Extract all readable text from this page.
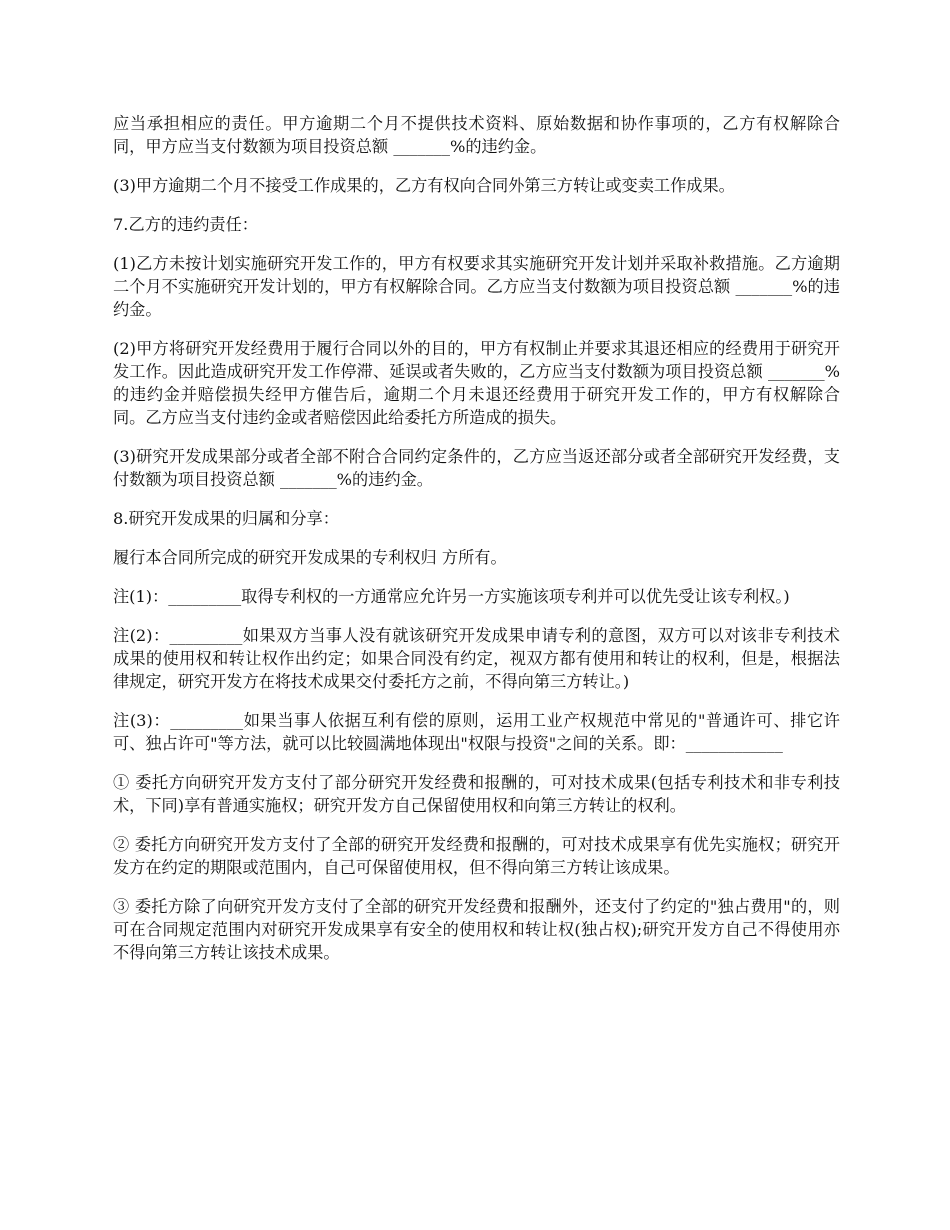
应当承担相应的责任。甲方逾期二个月不提供技术资料、原始数据和协作事项的，乙方有权解除合同，甲方应当支付数额为项目投资总额 _______%的违约金。

(3)甲方逾期二个月不接受工作成果的，乙方有权向合同外第三方转让或变卖工作成果。

7.乙方的违约责任：

(1)乙方未按计划实施研究开发工作的，甲方有权要求其实施研究开发计划并采取补救措施。乙方逾期二个月不实施研究开发计划的，甲方有权解除合同。乙方应当支付数额为项目投资总额 _______%的违约金。

(2)甲方将研究开发经费用于履行合同以外的目的，甲方有权制止并要求其退还相应的经费用于研究开发工作。因此造成研究开发工作停滞、延误或者失败的，乙方应当支付数额为项目投资总额 _______%的违约金并赔偿损失经甲方催告后，逾期二个月未退还经费用于研究开发工作的，甲方有权解除合同。乙方应当支付违约金或者赔偿因此给委托方所造成的损失。

(3)研究开发成果部分或者全部不附合合同约定条件的，乙方应当返还部分或者全部研究开发经费，支付数额为项目投资总额 _______%的违约金。

8.研究开发成果的归属和分享：

履行本合同所完成的研究开发成果的专利权归 方所有。

注(1)：_________取得专利权的一方通常应允许另一方实施该项专利并可以优先受让该专利权。)

注(2)：_________如果双方当事人没有就该研究开发成果申请专利的意图，双方可以对该非专利技术成果的使用权和转让权作出约定；如果合同没有约定，视双方都有使用和转让的权利，但是，根据法律规定，研究开发方在将技术成果交付委托方之前，不得向第三方转让。)

注(3)：_________如果当事人依据互利有偿的原则，运用工业产权规范中常见的"普通许可、排它许可、独占许可"等方法，就可以比较圆满地体现出"权限与投资"之间的关系。即：____________

① 委托方向研究开发方支付了部分研究开发经费和报酬的，可对技术成果(包括专利技术和非专利技术，下同)享有普通实施权；研究开发方自己保留使用权和向第三方转让的权利。

② 委托方向研究开发方支付了全部的研究开发经费和报酬的，可对技术成果享有优先实施权；研究开发方在约定的期限或范围内，自己可保留使用权，但不得向第三方转让该成果。

③ 委托方除了向研究开发方支付了全部的研究开发经费和报酬外，还支付了约定的"独占费用"的，则可在合同规定范围内对研究开发成果享有安全的使用权和转让权(独占权);研究开发方自己不得使用亦不得向第三方转让该技术成果。
